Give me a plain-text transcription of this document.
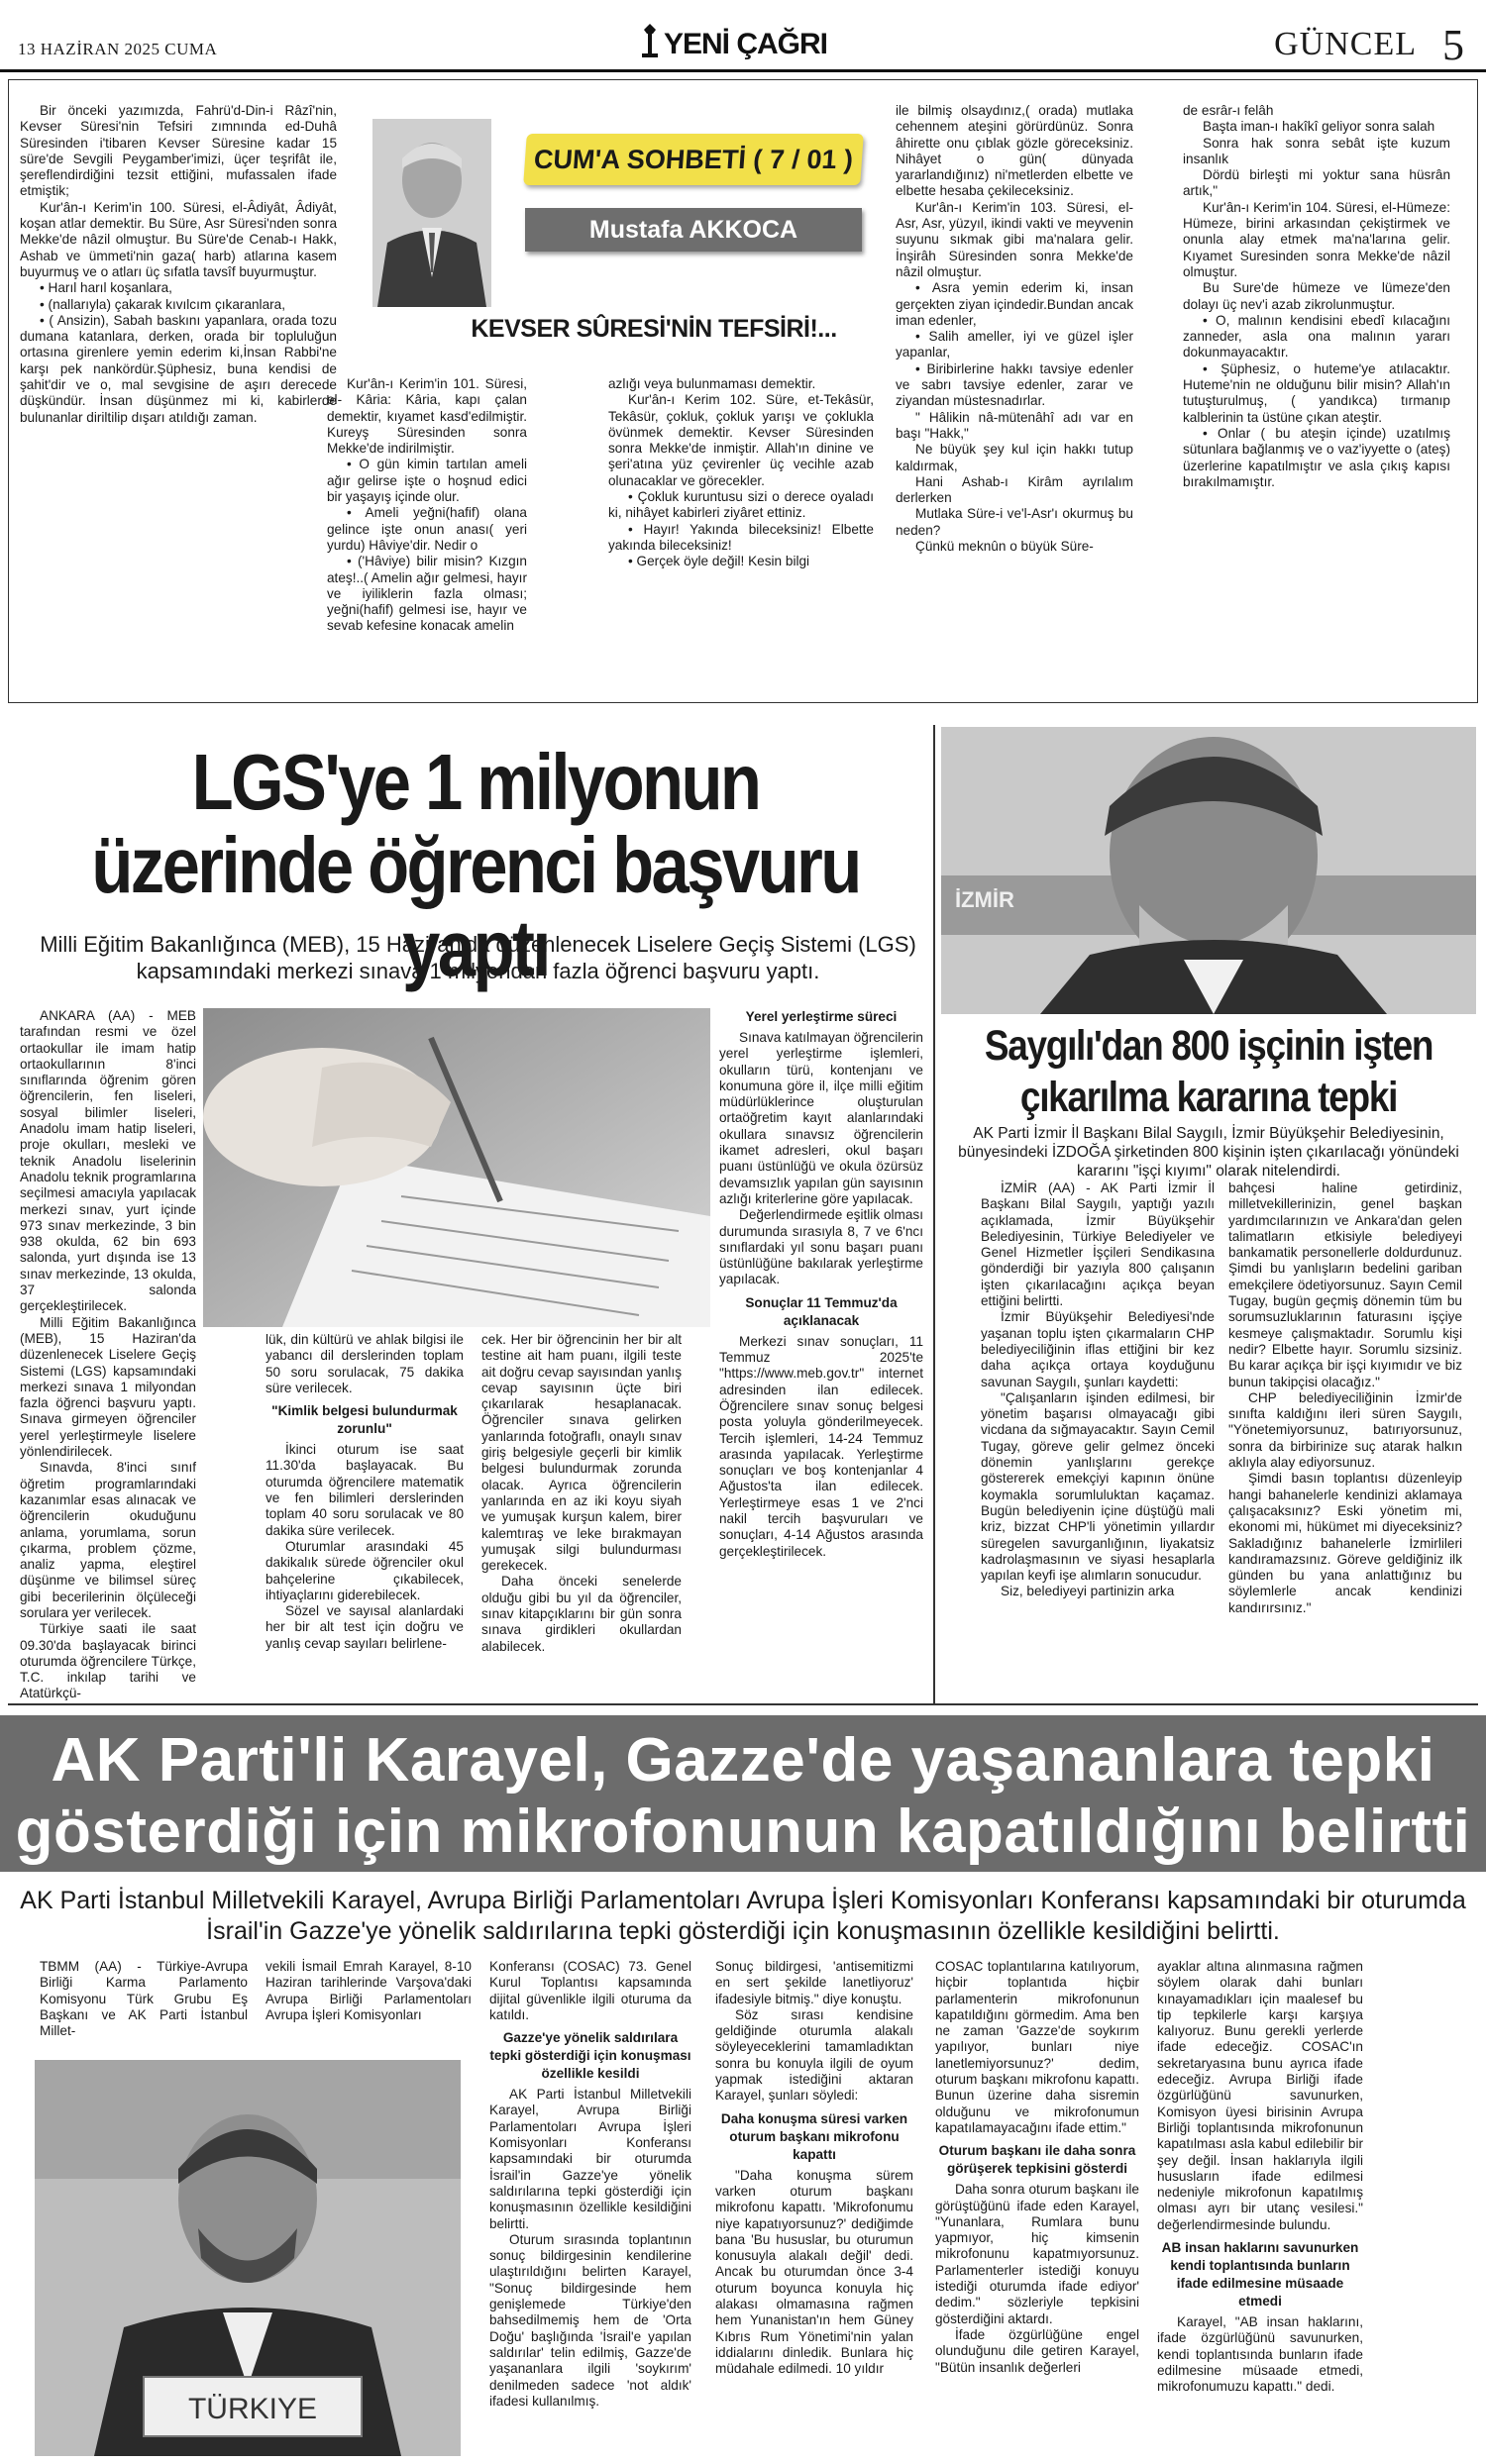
13 HAZİRAN 2025 CUMA	YENİ ÇAĞRI	GÜNCEL 5

Bir önceki yazımızda, Fahrü'd-Din-i Râzî'nin, Kevser Süresi'nin Tefsiri zımnında ed-Duhâ Süresinden i'tibaren Kevser Süresine kadar 15 süre'de Sevgili Peygamber'imizi, üçer teşrifât ile, şereflendirdiğini tezsit ettiğini, mufassalen ifade etmiştik;

Kur'ân-ı Kerim'in 100. Süresi, el-Âdiyât, Âdiyât, koşan atlar demektir. Bu Süre, Asr Süresi'nden sonra Mekke'de nâzil olmuştur. Bu Süre'de Cenab-ı Hakk, Ashab ve ümmeti'nin gaza( harb) atlarına kasem buyurmuş ve o atları üç sıfatla tavsîf buyurmuştur.

• Harıl harıl koşanlara,

• (nallarıyla) çakarak kıvılcım çıkaranlara,

• ( Ansizin), Sabah baskını yapanlara, orada tozu dumana katanlara, derken, orada bir topluluğun ortasına girenlere yemin ederim ki,İnsan Rabbi'ne karşı pek nankördür.Şüphesiz, buna kendisi de şahit'dir ve o, mal sevgisine de aşırı derecede düşkündür. İnsan düşünmez mi ki, kabirlerde bulunanlar diriltilip dışarı atıldığı zaman.

CUM'A SOHBETİ ( 7 / 01 )
Mustafa AKKOCA
KEVSER SÛRESİ'NİN TEFSİRİ!...

Kur'ân-ı Kerim'in 101. Süresi, el- Kâria: Kâria, kapı çalan demektir, kıyamet kasd'edilmiştir. Kureyş Süresinden sonra Mekke'de indirilmiştir.

• O gün kimin tartılan ameli ağır gelirse işte o hoşnud edici bir yaşayış içinde olur.

• Ameli yeğni(hafif) olana gelince işte onun anası( yeri yurdu) Hâviye'dir. Nedir o

• ('Hâviye) bilir misin? Kızgın ateş!..( Amelin ağır gelmesi, hayır ve iyiliklerin fazla olması; yeğni(hafif) gelmesi ise, hayır ve sevab kefesine konacak amelin

azlığı veya bulunmaması demektir.

Kur'ân-ı Kerim 102. Süre, et-Tekâsür, Tekâsür, çokluk, çokluk yarışı ve çoklukla övünmek demektir. Kevser Süresinden sonra Mekke'de inmiştir. Allah'ın dinine ve şeri'atına yüz çevirenler üç vecihle azab olunacaklar ve görecekler.

• Çokluk kuruntusu sizi o derece oyaladı ki, nihâyet kabirleri ziyâret ettiniz.

• Hayır! Yakında bileceksiniz! Elbette yakında bileceksiniz!

• Gerçek öyle değil! Kesin bilgi

ile bilmiş olsaydınız,( orada) mutlaka cehennem ateşini görürdünüz. Sonra âhirette onu çıblak gözle göreceksiniz. Nihâyet o gün( dünyada yararlandığınız) ni'metlerden elbette ve elbette hesaba çekileceksiniz.

Kur'ân-ı Kerim'in 103. Süresi, el- Asr, Asr, yüzyıl, ikindi vakti ve meyvenin suyunu sıkmak gibi ma'nalara gelir. İnşirâh Süresinden sonra Mekke'de nâzil olmuştur.

• Asra yemin ederim ki, insan gerçekten ziyan içindedir.Bundan ancak iman edenler,

• Salih ameller, iyi ve güzel işler yapanlar,

• Biribirlerine hakkı tavsiye edenler ve sabrı tavsiye edenler, zarar ve ziyandan müstesnadırlar.

" Hâlikin nâ-mütenâhî adı var en başı "Hakk,"

Ne büyük şey kul için hakkı tutup kaldırmak,

Hani Ashab-ı Kirâm ayrılalım derlerken

Mutlaka Süre-i ve'l-Asr'ı okurmuş bu neden?

Çünkü meknûn o büyük Süre-

de esrâr-ı felâh

Başta iman-ı hakîkî geliyor sonra salah

Sonra hak sonra sebât işte kuzum insanlık

Dördü birleşti mi yoktur sana hüsrân artık,"

Kur'ân-ı Kerim'in 104. Süresi, el-Hümeze: Hümeze, birini arkasından çekiştirmek ve onunla alay etmek ma'na'larına gelir. Kıyamet Suresinden sonra Mekke'de nâzil olmuştur.

Bu Sure'de hümeze ve lümeze'den dolayı üç nev'i azab zikrolunmuştur.

• O, malının kendisini ebedî kılacağını zanneder, asla ona malının yararı dokunmayacaktır.

• Şüphesiz, o huteme'ye atılacaktır. Huteme'nin ne olduğunu bilir misin? Allah'ın tutuşturulmuş, ( yandıkca) tırmanıp kalblerinin ta üstüne çıkan ateştir.

• Onlar ( bu ateşin içinde) uzatılmış sütunlara bağlanmış ve o vaz'iyyette o (ateş) üzerlerine kapatılmıştır ve asla çıkış kapısı bırakılmamıştır.

LGS'ye 1 milyonun üzerinde öğrenci başvuru yaptı
Milli Eğitim Bakanlığınca (MEB), 15 Haziran'da düzenlenecek Liselere Geçiş Sistemi (LGS) kapsamındaki merkezi sınava 1 milyondan fazla öğrenci başvuru yaptı.

ANKARA (AA) - MEB tarafından resmi ve özel ortaokullar ile imam hatip ortaokullarının 8'inci sınıflarında öğrenim gören öğrencilerin, fen liseleri, sosyal bilimler liseleri, Anadolu imam hatip liseleri, proje okulları, mesleki ve teknik Anadolu liselerinin Anadolu teknik programlarına seçilmesi amacıyla yapılacak merkezi sınav, yurt içinde 973 sınav merkezinde, 3 bin 938 okulda, 62 bin 693 salonda, yurt dışında ise 13 sınav merkezinde, 13 okulda, 37 salonda gerçekleştirilecek.

Milli Eğitim Bakanlığınca (MEB), 15 Haziran'da düzenlenecek Liselere Geçiş Sistemi (LGS) kapsamındaki merkezi sınava 1 milyondan fazla öğrenci başvuru yaptı. Sınava girmeyen öğrenciler yerel yerleştirmeyle liselere yönlendirilecek.

Sınavda, 8'inci sınıf öğretim programlarındaki kazanımlar esas alınacak ve öğrencilerin okuduğunu anlama, yorumlama, sorun çıkarma, problem çözme, analiz yapma, eleştirel düşünme ve bilimsel süreç gibi becerilerinin ölçüleceği sorulara yer verilecek.

Türkiye saati ile saat 09.30'da başlayacak birinci oturumda öğrencilere Türkçe, T.C. inkılap tarihi ve Atatürkçü-

lük, din kültürü ve ahlak bilgisi ile yabancı dil derslerinden toplam 50 soru sorulacak, 75 dakika süre verilecek.

"Kimlik belgesi bulundurmak zorunlu"

İkinci oturum ise saat 11.30'da başlayacak. Bu oturumda öğrencilere matematik ve fen bilimleri derslerinden toplam 40 soru sorulacak ve 80 dakika süre verilecek.

Oturumlar arasındaki 45 dakikalık sürede öğrenciler okul bahçelerine çıkabilecek, ihtiyaçlarını giderebilecek.

Sözel ve sayısal alanlardaki her bir alt test için doğru ve yanlış cevap sayıları belirlene-

cek. Her bir öğrencinin her bir alt testine ait ham puanı, ilgili teste ait doğru cevap sayısından yanlış cevap sayısının üçte biri çıkarılarak hesaplanacak. Öğrenciler sınava gelirken yanlarında fotoğraflı, onaylı sınav giriş belgesiyle geçerli bir kimlik belgesi bulundurmak zorunda olacak. Ayrıca öğrencilerin yanlarında en az iki koyu siyah ve yumuşak kurşun kalem, birer kalemtıraş ve leke bırakmayan yumuşak silgi bulundurması gerekecek.

Daha önceki senelerde olduğu gibi bu yıl da öğrenciler, sınav kitapçıklarını bir gün sonra sınava girdikleri okullardan alabilecek.

Yerel yerleştirme süreci

Sınava katılmayan öğrencilerin yerel yerleştirme işlemleri, okulların türü, kontenjanı ve konumuna göre il, ilçe milli eğitim müdürlüklerince oluşturulan ortaöğretim kayıt alanlarındaki okullara sınavsız öğrencilerin ikamet adresleri, okul başarı puanı üstünlüğü ve okula özürsüz devamsızlık yapılan gün sayısının azlığı kriterlerine göre yapılacak.

Değerlendirmede eşitlik olması durumunda sırasıyla 8, 7 ve 6'ncı sınıflardaki yıl sonu başarı puanı üstünlüğüne bakılarak yerleştirme yapılacak.

Sonuçlar 11 Temmuz'da açıklanacak

Merkezi sınav sonuçları, 11 Temmuz 2025'te "https://www.meb.gov.tr" internet adresinden ilan edilecek. Öğrencilere sınav sonuç belgesi posta yoluyla gönderilmeyecek. Tercih işlemleri, 14-24 Temmuz arasında yapılacak. Yerleştirme sonuçları ve boş kontenjanlar 4 Ağustos'ta ilan edilecek. Yerleştirmeye esas 1 ve 2'nci nakil tercih başvuruları ve sonuçları, 4-14 Ağustos arasında gerçekleştirilecek.

İZMİR
Saygılı'dan 800 işçinin işten çıkarılma kararına tepki
AK Parti İzmir İl Başkanı Bilal Saygılı, İzmir Büyükşehir Belediyesinin, bünyesindeki İZDOĞA şirketinden 800 kişinin işten çıkarılacağı yönündeki kararını "işçi kıyımı" olarak nitelendirdi.

İZMİR (AA) - AK Parti İzmir İl Başkanı Bilal Saygılı, yaptığı yazılı açıklamada, İzmir Büyükşehir Belediyesinin, Türkiye Belediyeler ve Genel Hizmetler İşçileri Sendikasına gönderdiği bir yazıyla 800 çalışanın işten çıkarılacağını açıkça beyan ettiğini belirtti.

İzmir Büyükşehir Belediyesi'nde yaşanan toplu işten çıkarmaların CHP belediyeciliğinin iflas ettiğini bir kez daha açıkça ortaya koyduğunu savunan Saygılı, şunları kaydetti:

"Çalışanların işinden edilmesi, bir yönetim başarısı olmayacağı gibi vicdana da sığmayacaktır. Sayın Cemil Tugay, göreve gelir gelmez önceki dönemin yanlışlarını gerekçe göstererek emekçiyi kapının önüne koymakla sorumluluktan kaçamaz. Bugün belediyenin içine düştüğü mali kriz, bizzat CHP'li yönetimin yıllardır süregelen savurganlığının, liyakatsiz kadrolaşmasının ve siyasi hesaplarla yapılan keyfi işe alımların sonucudur.

Siz, belediyeyi partinizin arka

bahçesi haline getirdiniz, milletvekillerinizin, genel başkan yardımcılarınızın ve Ankara'dan gelen talimatların etkisiyle belediyeyi bankamatik personellerle doldurdunuz. Şimdi bu yanlışların bedelini gariban emekçilere ödetiyorsunuz. Sayın Cemil Tugay, bugün geçmiş dönemin tüm bu sorumsuzluklarının faturasını işçiye kesmeye çalışmaktadır. Sorumlu kişi nedir? Elbette hayır. Sorumlu sizsiniz. Bu karar açıkça bir işçi kıyımıdır ve biz bunun takipçisi olacağız."

CHP belediyeciliğinin İzmir'de sınıfta kaldığını ileri süren Saygılı, "Yönetemiyorsunuz, batırıyorsunuz, sonra da birbirinize suç atarak halkın aklıyla alay ediyorsunuz.

Şimdi basın toplantısı düzenleyip hangi bahanelerle kendinizi aklamaya çalışacaksınız? Eski yönetim mi, ekonomi mi, hükümet mi diyeceksiniz? Sakladığınız bahanelerle İzmirlileri kandıramazsınız. Göreve geldiğiniz ilk günden bu yana anlattığınız bu söylemlerle ancak kendinizi kandırırsınız."

AK Parti'li Karayel, Gazze'de yaşananlara tepki
gösterdiği için mikrofonunun kapatıldığını belirtti
AK Parti İstanbul Milletvekili Karayel, Avrupa Birliği Parlamentoları Avrupa İşleri Komisyonları Konferansı kapsamındaki bir oturumda İsrail'in Gazze'ye yönelik saldırılarına tepki gösterdiği için konuşmasının özellikle kesildiğini belirtti.

TBMM (AA) - Türkiye-Avrupa Birliği Karma Parlamento Komisyonu Türk Grubu Eş Başkanı ve AK Parti İstanbul Millet-

vekili İsmail Emrah Karayel, 8-10 Haziran tarihlerinde Varşova'daki Avrupa Birliği Parlamentoları Avrupa İşleri Komisyonları

TÜRKIYE

Konferansı (COSAC) 73. Genel Kurul Toplantısı kapsamında dijital güvenlikle ilgili oturuma da katıldı.

Gazze'ye yönelik saldırılara tepki gösterdiği için konuşması özellikle kesildi

AK Parti İstanbul Milletvekili Karayel, Avrupa Birliği Parlamentoları Avrupa İşleri Komisyonları Konferansı kapsamındaki bir oturumda İsrail'in Gazze'ye yönelik saldırılarına tepki gösterdiği için konuşmasının özellikle kesildiğini belirtti.

Oturum sırasında toplantının sonuç bildirgesinin kendilerine ulaştırıldığını belirten Karayel, "Sonuç bildirgesinde hem genişlemede Türkiye'den bahsedilmemiş hem de 'Orta Doğu' başlığında 'İsrail'e yapılan saldırılar' telin edilmiş, Gazze'de yaşananlara ilgili 'soykırım' denilmeden sadece 'not aldık' ifadesi kullanılmış.

Sonuç bildirgesi, 'antisemitizmi en sert şekilde lanetliyoruz' ifadesiyle bitmiş." diye konuştu.

Söz sırası kendisine geldiğinde oturumla alakalı söyleyeceklerini tamamladıktan sonra bu konuyla ilgili de oyum yapmak istediğini aktaran Karayel, şunları söyledi:

Daha konuşma süresi varken oturum başkanı mikrofonu kapattı

"Daha konuşma sürem varken oturum başkanı mikrofonu kapattı. 'Mikrofonumu niye kapatıyorsunuz?' dediğimde bana 'Bu hususlar, bu oturumun konusuyla alakalı değil' dedi. Ancak bu oturumdan önce 3-4 oturum boyunca konuyla hiç alakası olmamasına rağmen hem Yunanistan'ın hem Güney Kıbrıs Rum Yönetimi'nin yalan iddialarını dinledik. Bunlara hiç müdahale edilmedi. 10 yıldır

COSAC toplantılarına katılıyorum, hiçbir toplantıda hiçbir parlamenterin mikrofonunun kapatıldığını görmedim. Ama ben ne zaman 'Gazze'de soykırım yapılıyor, bunları niye lanetlemiyorsunuz?' dedim, oturum başkanı mikrofonu kapattı. Bunun üzerine daha sisremin olduğunu ve mikrofonumun kapatılamayacağını ifade ettim."

Oturum başkanı ile daha sonra görüşerek tepkisini gösterdi

Daha sonra oturum başkanı ile görüştüğünü ifade eden Karayel, "Yunanlara, Rumlara bunu yapmıyor, hiç kimsenin mikrofonunu kapatmıyorsunuz. Parlamenterler istediği konuyu istediği oturumda ifade ediyor' dedim." sözleriyle tepkisini gösterdiğini aktardı.

İfade özgürlüğüne engel olunduğunu dile getiren Karayel, "Bütün insanlık değerleri

ayaklar altına alınmasına rağmen söylem olarak dahi bunları kınayamadıkları için maalesef bu tip tepkilerle karşı karşıya kalıyoruz. Bunu gerekli yerlerde ifade edeceğiz. COSAC'ın sekretaryasına bunu ayrıca ifade edeceğiz. Avrupa Birliği ifade özgürlüğünü savunurken, Komisyon üyesi birisinin Avrupa Birliği toplantısında mikrofonunun kapatılması asla kabul edilebilir bir şey değil. İnsan haklarıyla ilgili hususların ifade edilmesi nedeniyle mikrofonun kapatılmış olması ayrı bir utanç vesilesi." değerlendirmesinde bulundu.

AB insan haklarını savunurken kendi toplantısında bunların ifade edilmesine müsaade etmedi

Karayel, "AB insan haklarını, ifade özgürlüğünü savunurken, kendi toplantısında bunların ifade edilmesine müsaade etmedi, mikrofonumuzu kapattı." dedi.
